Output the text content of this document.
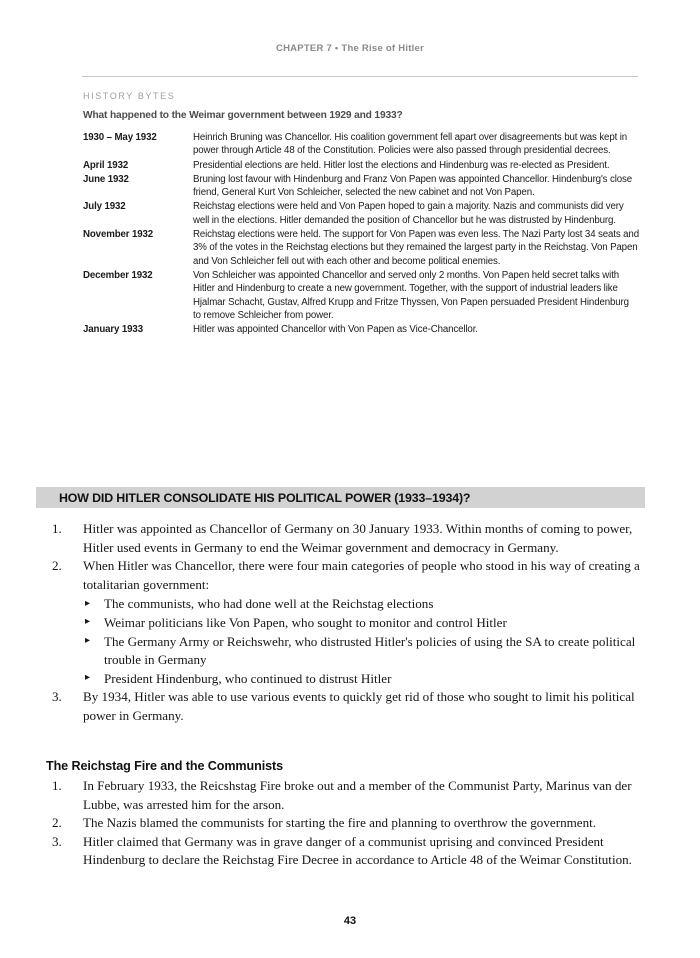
CHAPTER 7 • The Rise of Hitler
HISTORY BYTES
What happened to the Weimar government between 1929 and 1933?
1930 – May 1932	Heinrich Bruning was Chancellor. His coalition government fell apart over disagreements but was kept in power through Article 48 of the Constitution. Policies were also passed through presidential decrees.
April 1932	Presidential elections are held. Hitler lost the elections and Hindenburg was re-elected as President.
June 1932	Bruning lost favour with Hindenburg and Franz Von Papen was appointed Chancellor. Hindenburg's close friend, General Kurt Von Schleicher, selected the new cabinet and not Von Papen.
July 1932	Reichstag elections were held and Von Papen hoped to gain a majority. Nazis and communists did very well in the elections. Hitler demanded the position of Chancellor but he was distrusted by Hindenburg.
November 1932	Reichstag elections were held. The support for Von Papen was even less. The Nazi Party lost 34 seats and 3% of the votes in the Reichstag elections but they remained the largest party in the Reichstag. Von Papen and Von Schleicher fell out with each other and become political enemies.
December 1932	Von Schleicher was appointed Chancellor and served only 2 months. Von Papen held secret talks with Hitler and Hindenburg to create a new government. Together, with the support of industrial leaders like Hjalmar Schacht, Gustav, Alfred Krupp and Fritze Thyssen, Von Papen persuaded President Hindenburg to remove Schleicher from power.
January 1933	Hitler was appointed Chancellor with Von Papen as Vice-Chancellor.
HOW DID HITLER CONSOLIDATE HIS POLITICAL POWER (1933–1934)?
1.	Hitler was appointed as Chancellor of Germany on 30 January 1933. Within months of coming to power, Hitler used events in Germany to end the Weimar government and democracy in Germany.
2.	When Hitler was Chancellor, there were four main categories of people who stood in his way of creating a totalitarian government:
▸ The communists, who had done well at the Reichstag elections
▸ Weimar politicians like Von Papen, who sought to monitor and control Hitler
▸ The Germany Army or Reichswehr, who distrusted Hitler's policies of using the SA to create political trouble in Germany
▸ President Hindenburg, who continued to distrust Hitler
3.	By 1934, Hitler was able to use various events to quickly get rid of those who sought to limit his political power in Germany.
The Reichstag Fire and the Communists
1.	In February 1933, the Reicshstag Fire broke out and a member of the Communist Party, Marinus van der Lubbe, was arrested him for the arson.
2.	The Nazis blamed the communists for starting the fire and planning to overthrow the government.
3.	Hitler claimed that Germany was in grave danger of a communist uprising and convinced President Hindenburg to declare the Reichstag Fire Decree in accordance to Article 48 of the Weimar Constitution.
43
